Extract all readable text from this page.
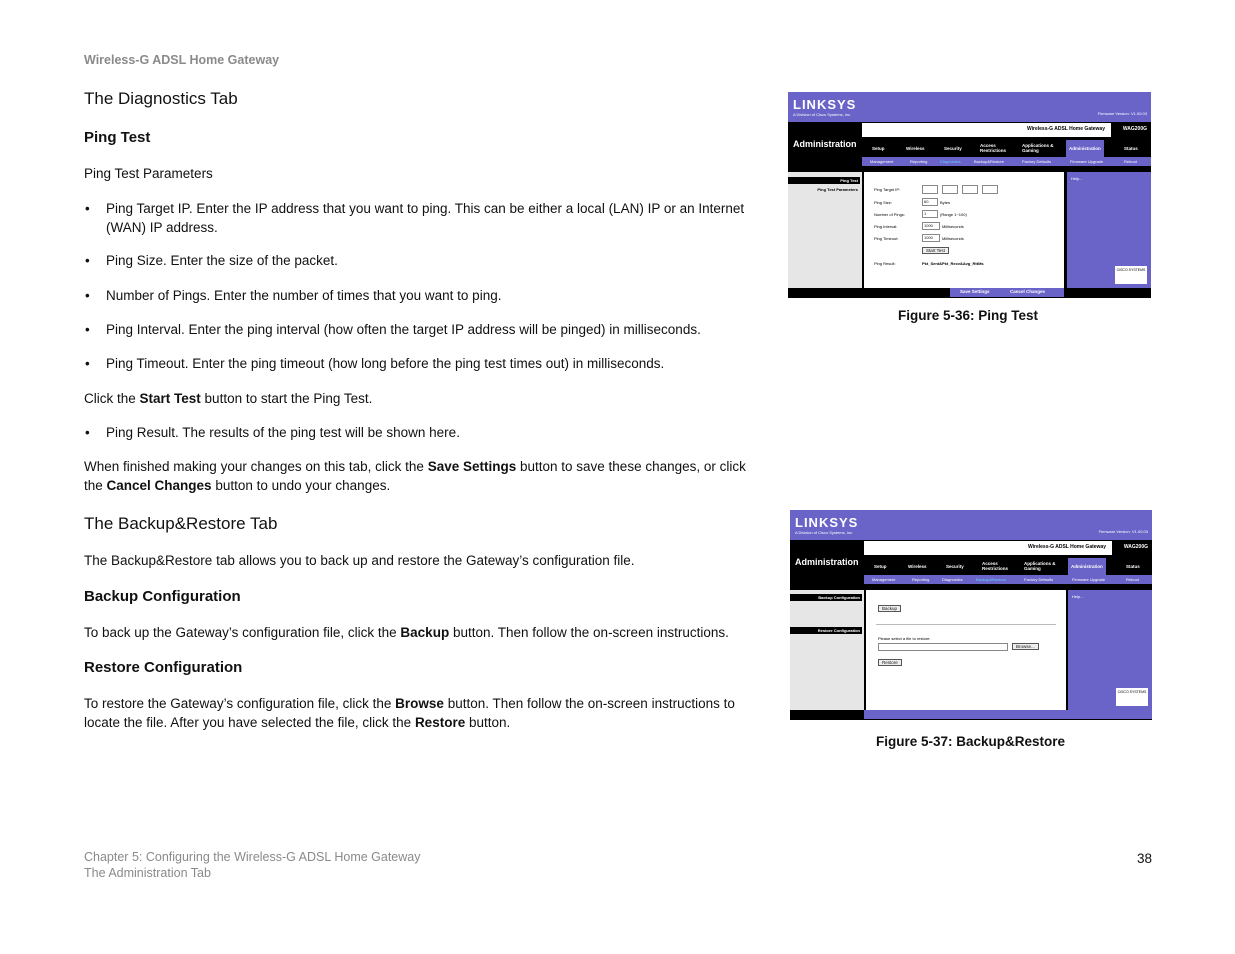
Wireless-G ADSL Home Gateway
The Diagnostics Tab
Ping Test
Ping Test Parameters
• Ping Target IP. Enter the IP address that you want to ping. This can be either a local (LAN) IP or an Internet (WAN) IP address.
• Ping Size. Enter the size of the packet.
• Number of Pings. Enter the number of times that you want to ping.
• Ping Interval. Enter the ping interval (how often the target IP address will be pinged) in milliseconds.
• Ping Timeout. Enter the ping timeout (how long before the ping test times out) in milliseconds.
Click the Start Test button to start the Ping Test.
• Ping Result. The results of the ping test will be shown here.
When finished making your changes on this tab, click the Save Settings button to save these changes, or click the Cancel Changes button to undo your changes.
The Backup&Restore Tab
The Backup&Restore tab allows you to back up and restore the Gateway’s configuration file.
Backup Configuration
To back up the Gateway’s configuration file, click the Backup button. Then follow the on-screen instructions.
Restore Configuration
To restore the Gateway’s configuration file, click the Browse button. Then follow the on-screen instructions to locate the file. After you have selected the file, click the Restore button.
LINKSYS
A Division of Cisco Systems, Inc.	Firmware Version: V1.00.03
Administration
Wireless-G ADSL Home Gateway	WAG200G
Setup	Wireless	Security
Access Restrictions
Applications & Gaming	Administration	Status
Management	Reporting	Diagnostics	Backup&Restore	Factory Defaults	Firmware Upgrade	Reboot
Ping Test
Ping Test Parameters	Ping Target IP:
Ping Size:	60	Bytes
Number of Pings:	1	(Range 1~100)
Ping Interval:	1000	Milliseconds
Ping Timeout:	1000	Milliseconds
Start Test
Ping Result:	Pkt_Sent&Pkt_Recv&Avg_RttMs
Help...
CISCO SYSTEMS
Save Settings	Cancel Changes
Figure 5-36: Ping Test
LINKSYS
A Division of Cisco Systems, Inc.	Firmware Version: V1.00.03
Administration
Wireless-G ADSL Home Gateway	WAG200G
Setup	Wireless	Security
Access Restrictions
Applications & Gaming	Administration	Status
Management	Reporting	Diagnostics	Backup&Restore	Factory Defaults	Firmware Upgrade	Reboot
Backup Configuration
Restore Configuration
Backup
Please select a file to restore:
Browse...
Restore
Help...
CISCO SYSTEMS
Figure 5-37: Backup&Restore
Chapter 5: Configuring the Wireless-G ADSL Home Gateway
The Administration Tab
38
